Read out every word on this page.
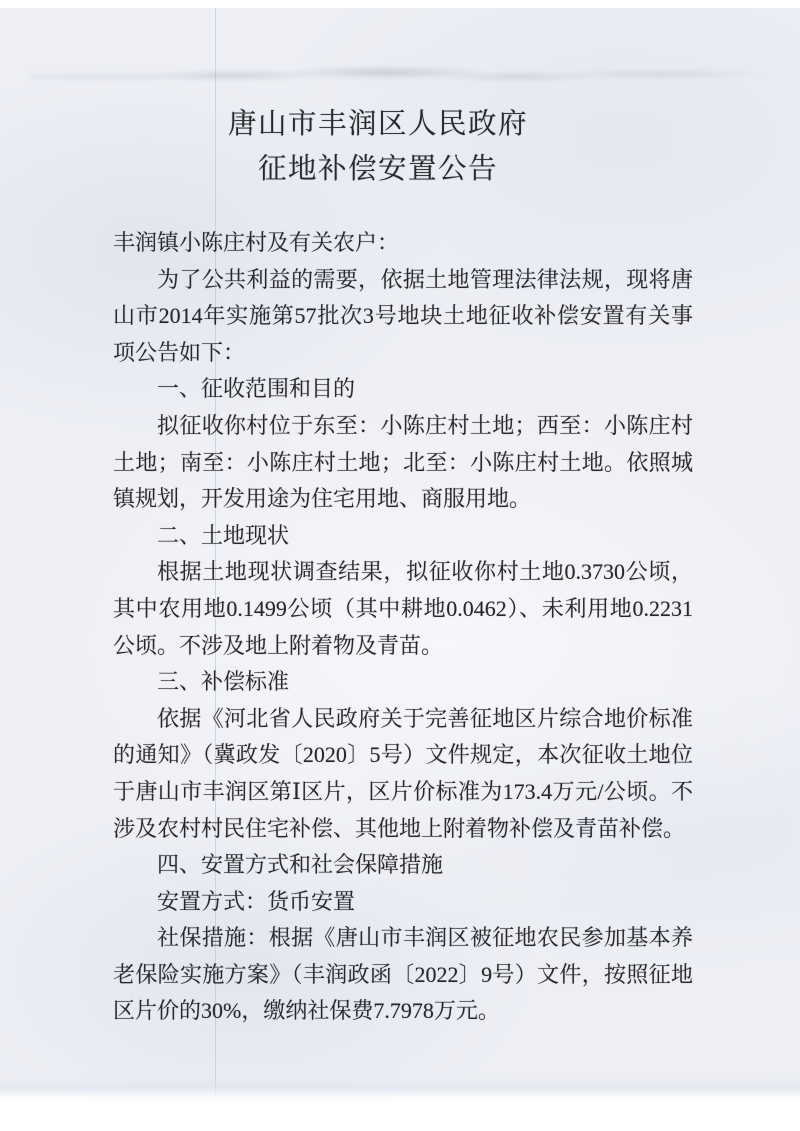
唐山市丰润区人民政府
征地补偿安置公告
丰润镇小陈庄村及有关农户：
为了公共利益的需要，依据土地管理法律法规，现将唐山市2014年实施第57批次3号地块土地征收补偿安置有关事项公告如下：
一、征收范围和目的
拟征收你村位于东至：小陈庄村土地；西至：小陈庄村土地；南至：小陈庄村土地；北至：小陈庄村土地。依照城镇规划，开发用途为住宅用地、商服用地。
二、土地现状
根据土地现状调查结果，拟征收你村土地0.3730公顷，其中农用地0.1499公顷（其中耕地0.0462）、未利用地0.2231公顷。不涉及地上附着物及青苗。
三、补偿标准
依据《河北省人民政府关于完善征地区片综合地价标准的通知》（冀政发〔2020〕5号）文件规定，本次征收土地位于唐山市丰润区第Ⅰ区片，区片价标准为173.4万元/公顷。不涉及农村村民住宅补偿、其他地上附着物补偿及青苗补偿。
四、安置方式和社会保障措施
安置方式：货币安置
社保措施：根据《唐山市丰润区被征地农民参加基本养老保险实施方案》（丰润政函〔2022〕9号）文件，按照征地区片价的30%，缴纳社保费7.7978万元。
